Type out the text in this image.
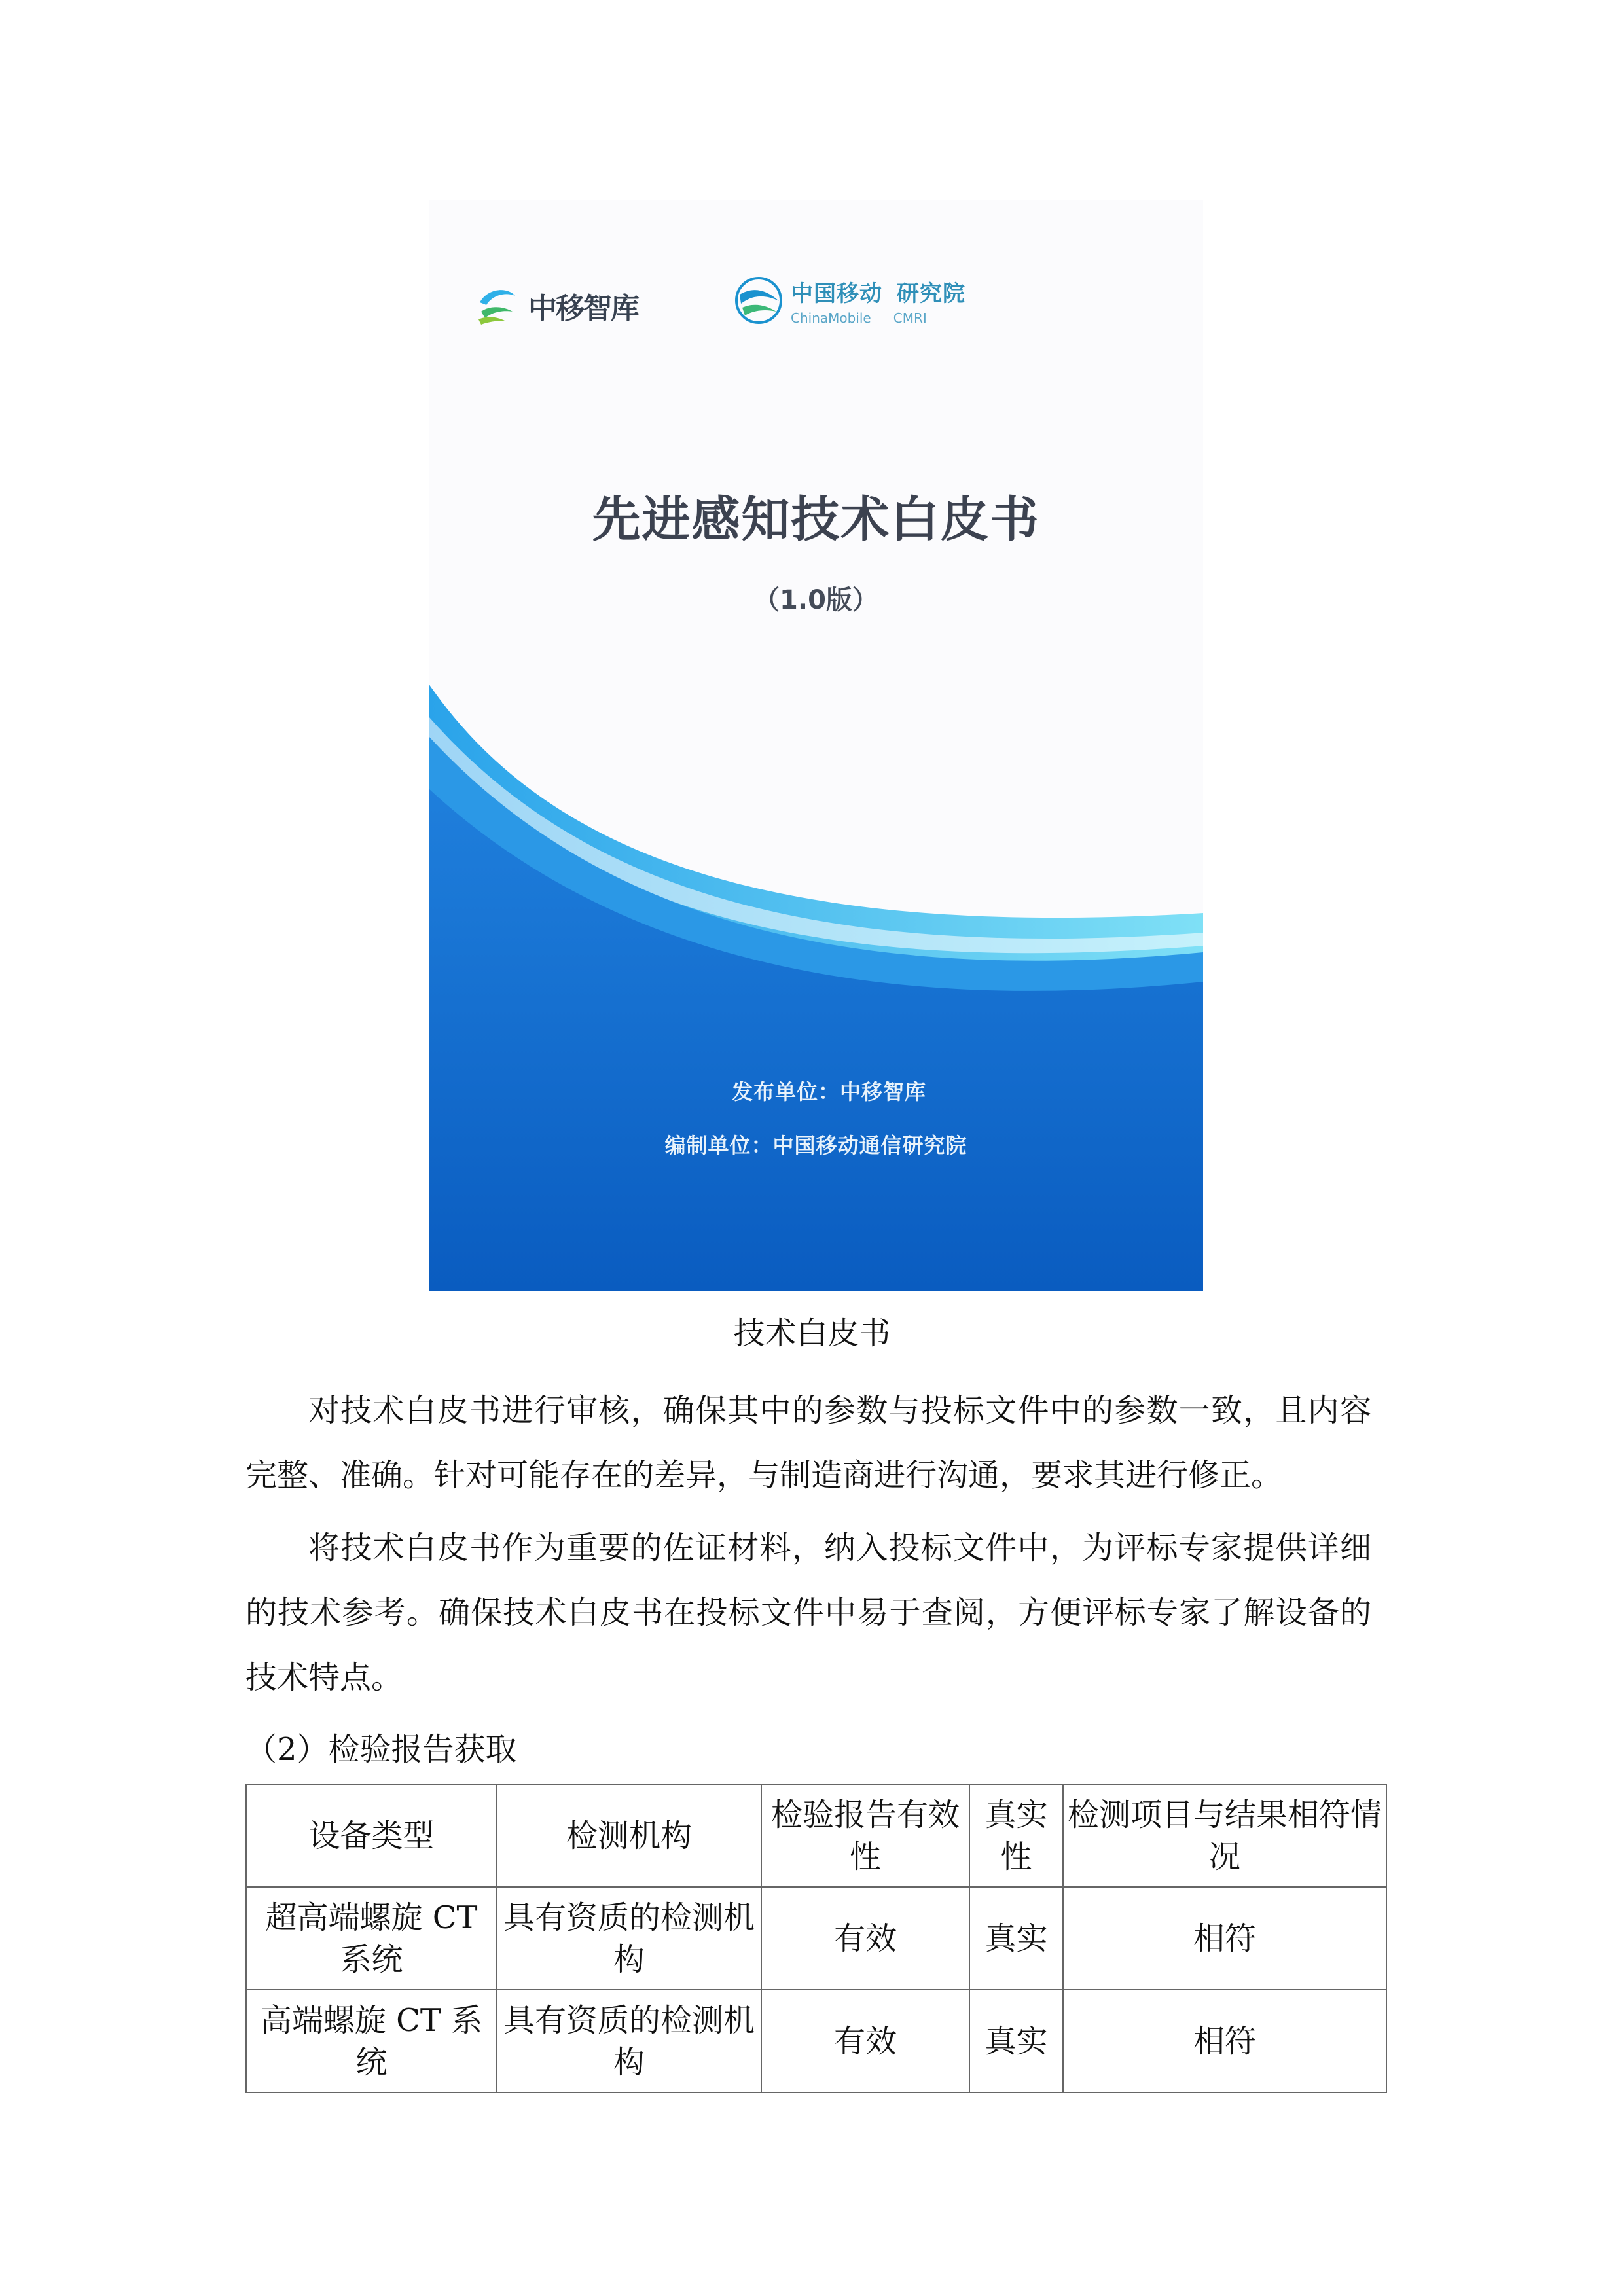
中移智库	中国移动 研究院
ChinaMobile CMRI
先进感知技术白皮书
（1.0版）
发布单位：中移智库
编制单位：中国移动通信研究院
技术白皮书

对技术白皮书进行审核，确保其中的参数与投标文件中的参数一致，且内容完整、准确。针对可能存在的差异，与制造商进行沟通，要求其进行修正。

将技术白皮书作为重要的佐证材料，纳入投标文件中，为评标专家提供详细的技术参考。确保技术白皮书在投标文件中易于查阅，方便评标专家了解设备的技术特点。

（2）检验报告获取
设备类型	检测机构	检验报告有效性	真实性	检测项目与结果相符情况
超高端螺旋 CT 系统	具有资质的检测机构	有效	真实	相符
高端螺旋 CT 系统	具有资质的检测机构	有效	真实	相符
